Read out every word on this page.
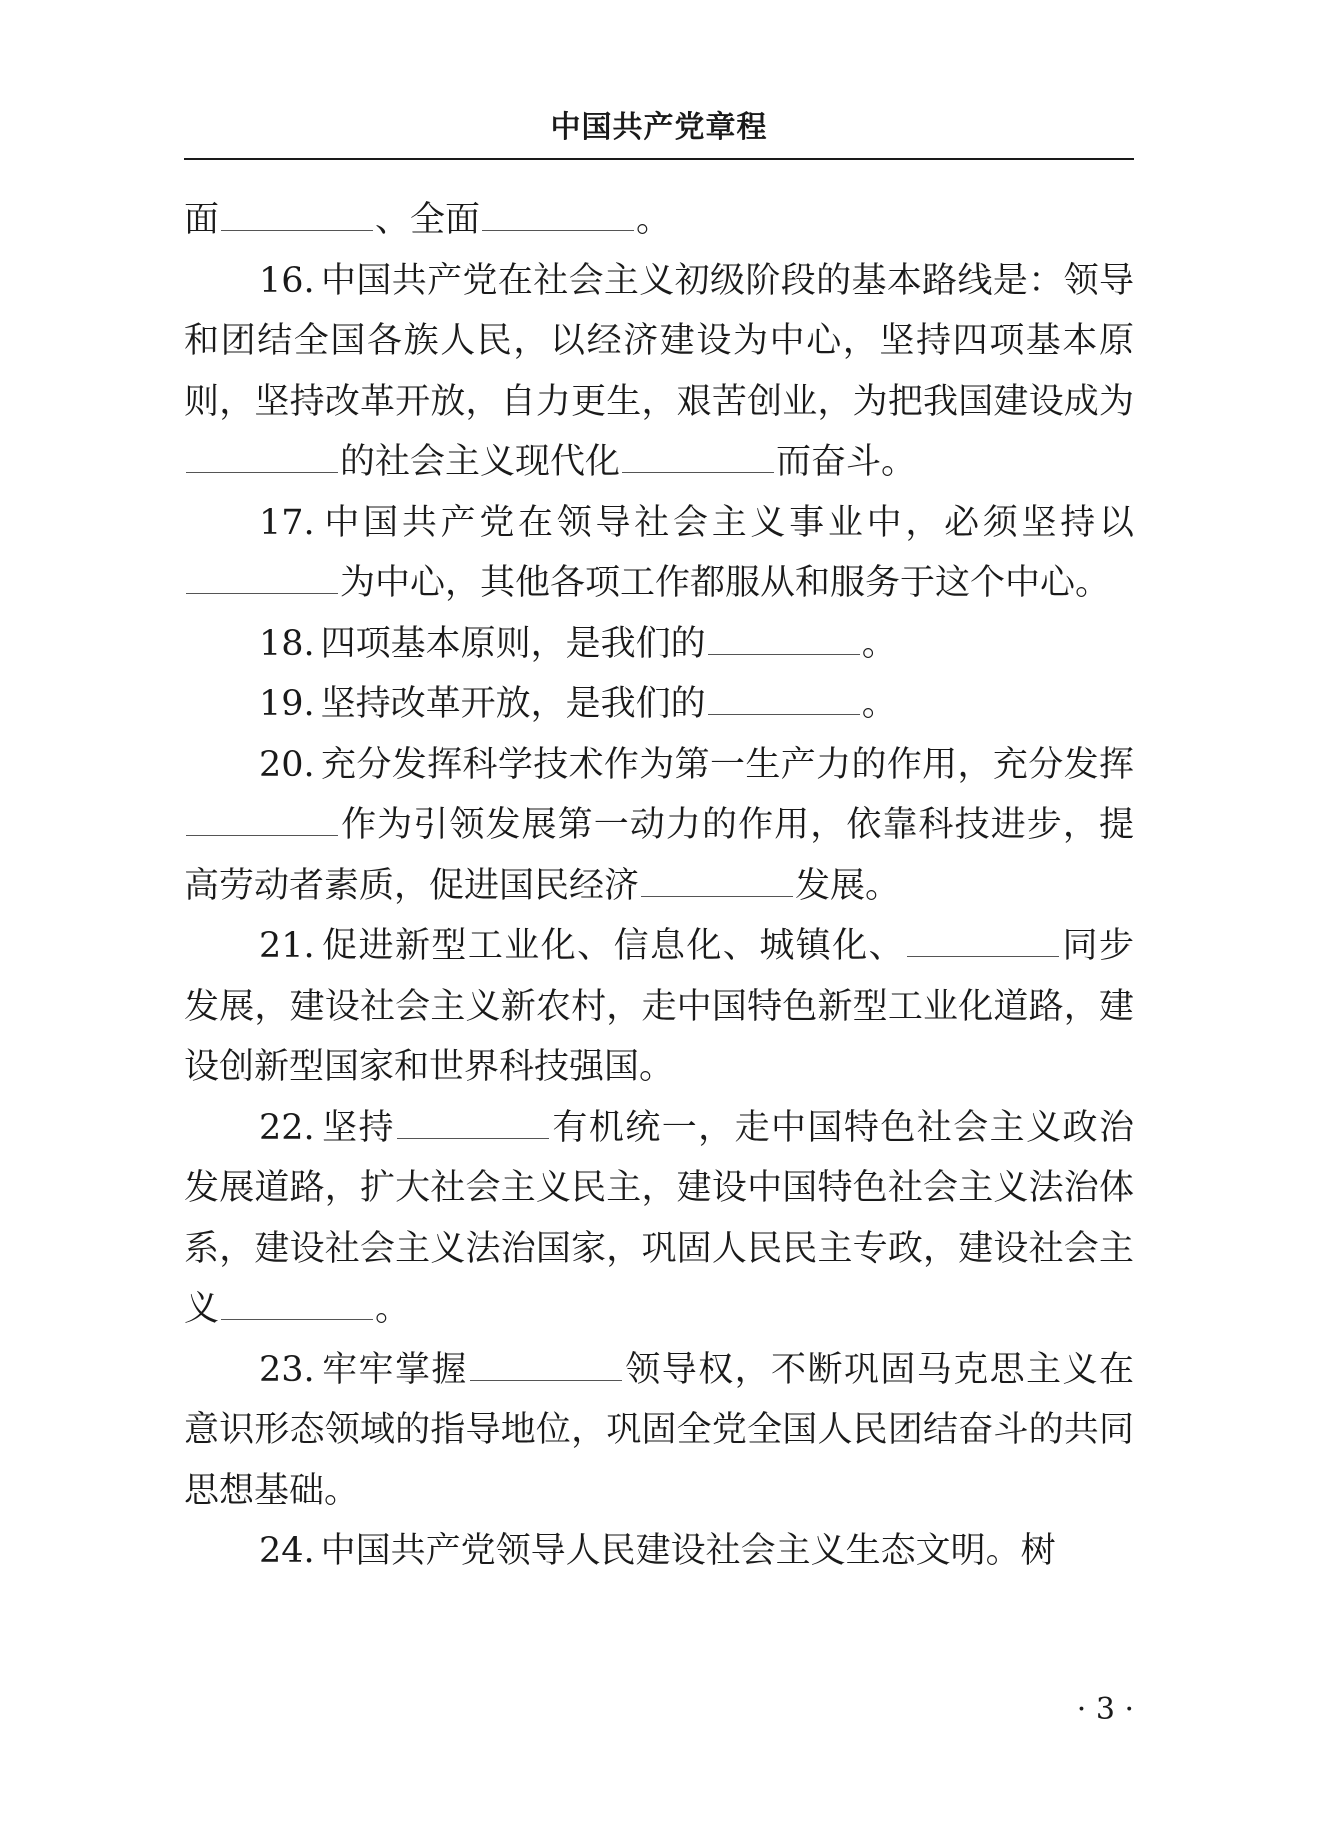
中国共产党章程

面	、全面	。

16. 中国共产党在社会主义初级阶段的基本路线是：领导和团结全国各族人民，以经济建设为中心，坚持四项基本原则，坚持改革开放，自力更生，艰苦创业，为把我国建设成为的社会主义现代化	而奋斗。

17. 中国共产党在领导社会主义事业中，必须坚持以为中心，其他各项工作都服从和服务于这个中心。

18. 四项基本原则，是我们的	。

19. 坚持改革开放，是我们的	。

20. 充分发挥科学技术作为第一生产力的作用，充分发挥作为引领发展第一动力的作用，依靠科技进步，提高劳动者素质，促进国民经济	发展。

21. 促进新型工业化、信息化、城镇化、	同步发展，建设社会主义新农村，走中国特色新型工业化道路，建设创新型国家和世界科技强国。

22. 坚持	有机统一，走中国特色社会主义政治发展道路，扩大社会主义民主，建设中国特色社会主义法治体系，建设社会主义法治国家，巩固人民民主专政，建设社会主义	。

23. 牢牢掌握	领导权，不断巩固马克思主义在意识形态领域的指导地位，巩固全党全国人民团结奋斗的共同思想基础。

24. 中国共产党领导人民建设社会主义生态文明。树

· 3 ·
